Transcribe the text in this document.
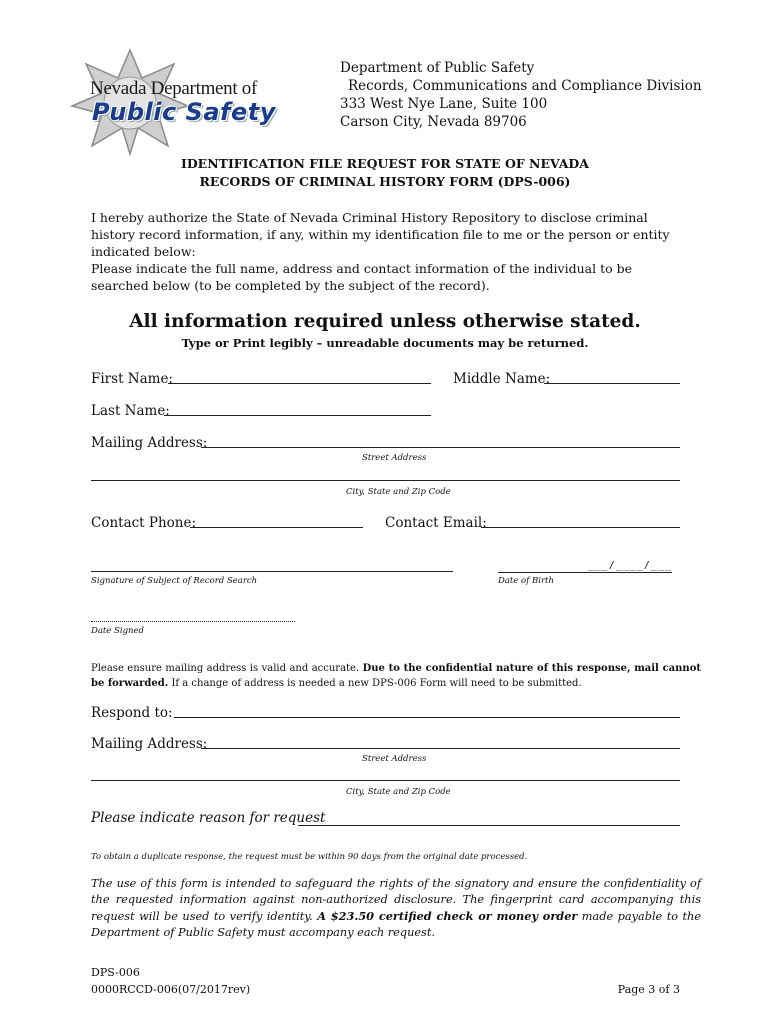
Nevada Department of
Public Safety
Department of Public Safety
Records, Communications and Compliance Division
333 West Nye Lane, Suite 100
Carson City, Nevada 89706
IDENTIFICATION FILE REQUEST FOR STATE OF NEVADA
RECORDS OF CRIMINAL HISTORY FORM (DPS-006)
I hereby authorize the State of Nevada Criminal History Repository to disclose criminal history record information, if any, within my identification file to me or the person or entity indicated below:
Please indicate the full name, address and contact information of the individual to be searched below (to be completed by the subject of the record).
All information required unless otherwise stated.
Type or Print legibly – unreadable documents may be returned.
First Name:	Middle Name:
Last Name:
Mailing Address:
Street Address
City, State and Zip Code
Contact Phone:	Contact Email:
Signature of Subject of Record Search
___/____/___
Date of Birth
Date Signed
Please ensure mailing address is valid and accurate. Due to the confidential nature of this response, mail cannot be forwarded. If a change of address is needed a new DPS-006 Form will need to be submitted.
Respond to:
Mailing Address:
Street Address
City, State and Zip Code
Please indicate reason for request
To obtain a duplicate response, the request must be within 90 days from the original date processed.
The use of this form is intended to safeguard the rights of the signatory and ensure the confidentiality of the requested information against non-authorized disclosure. The fingerprint card accompanying this request will be used to verify identity. A $23.50 certified check or money order made payable to the Department of Public Safety must accompany each request.
DPS-006
0000RCCD-006(07/2017rev)	Page 3 of 3
